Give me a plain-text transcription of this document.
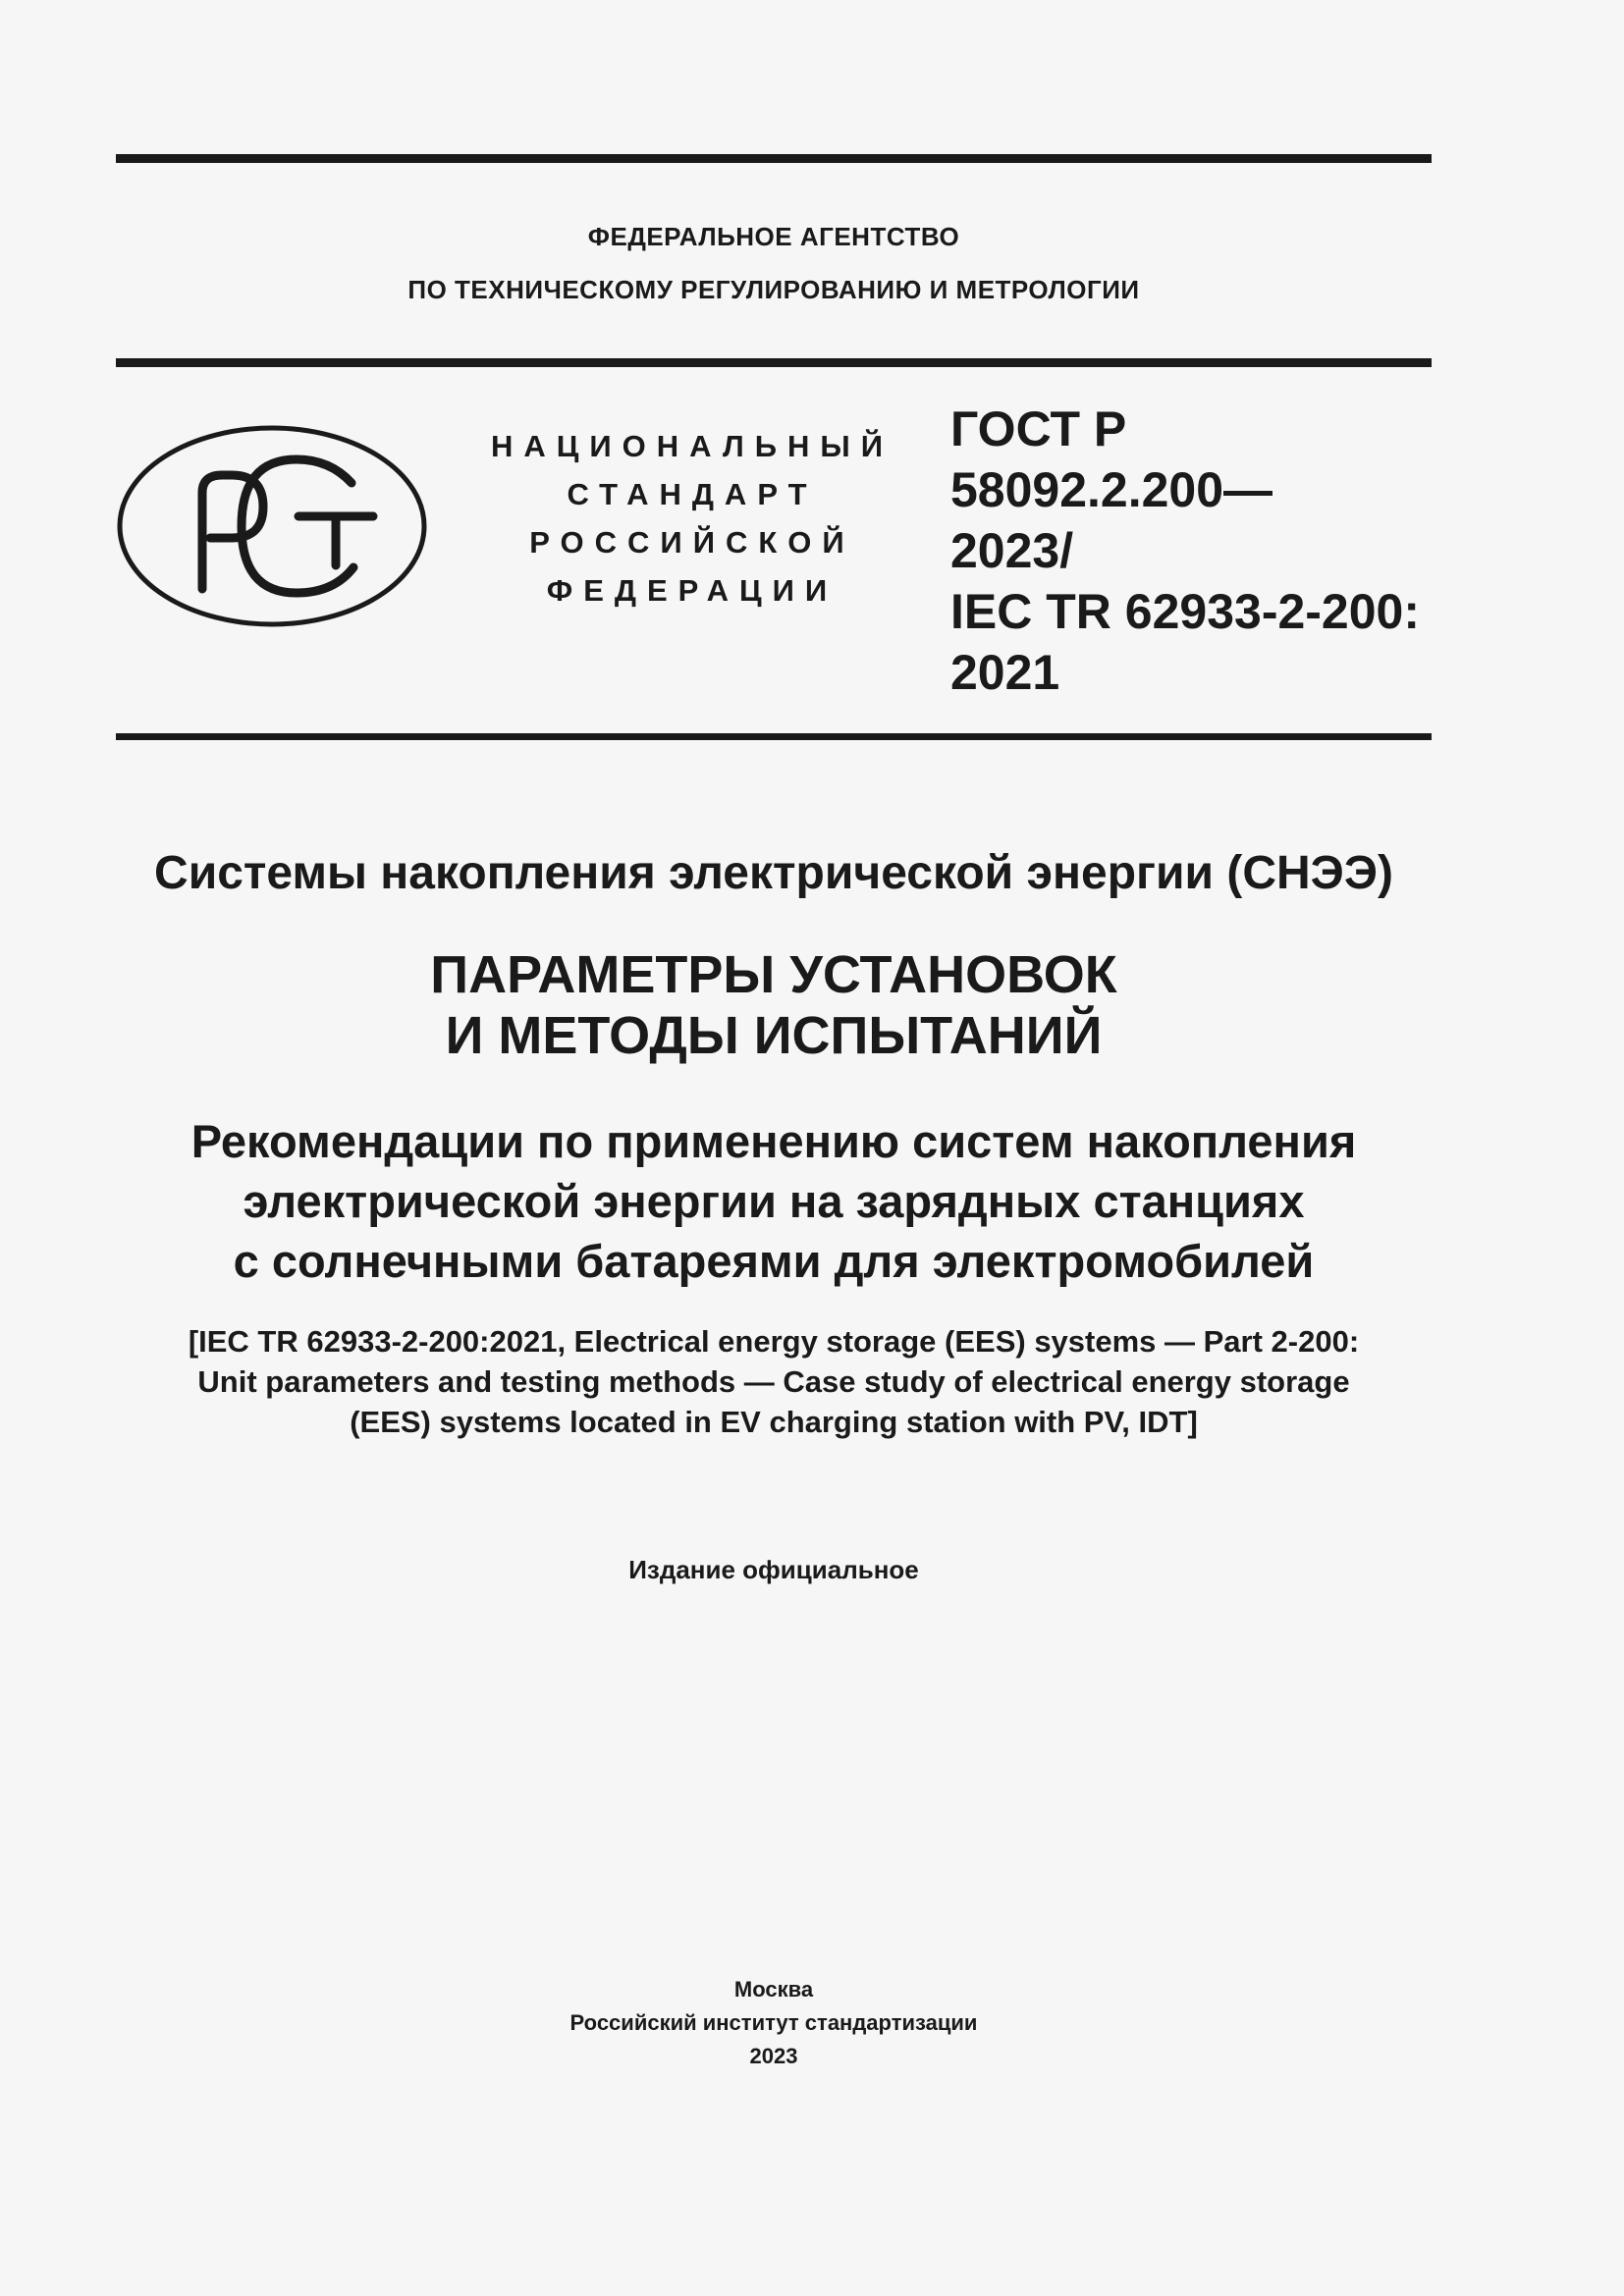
ФЕДЕРАЛЬНОЕ АГЕНТСТВО
ПО ТЕХНИЧЕСКОМУ РЕГУЛИРОВАНИЮ И МЕТРОЛОГИИ
НАЦИОНАЛЬНЫЙ
СТАНДАРТ
РОССИЙСКОЙ
ФЕДЕРАЦИИ
ГОСТ Р
58092.2.200—
2023/
IEC TR 62933-2-200:
2021
Системы накопления электрической энергии (СНЭЭ)
ПАРАМЕТРЫ УСТАНОВОК
И МЕТОДЫ ИСПЫТАНИЙ
Рекомендации по применению систем накопления
электрической энергии на зарядных станциях
с солнечными батареями для электромобилей
[IEC TR 62933-2-200:2021, Electrical energy storage (EES) systems — Part 2-200:
Unit parameters and testing methods — Case study of electrical energy storage
(EES) systems located in EV charging station with PV, IDT]
Издание официальное
Москва
Российский институт стандартизации
2023
